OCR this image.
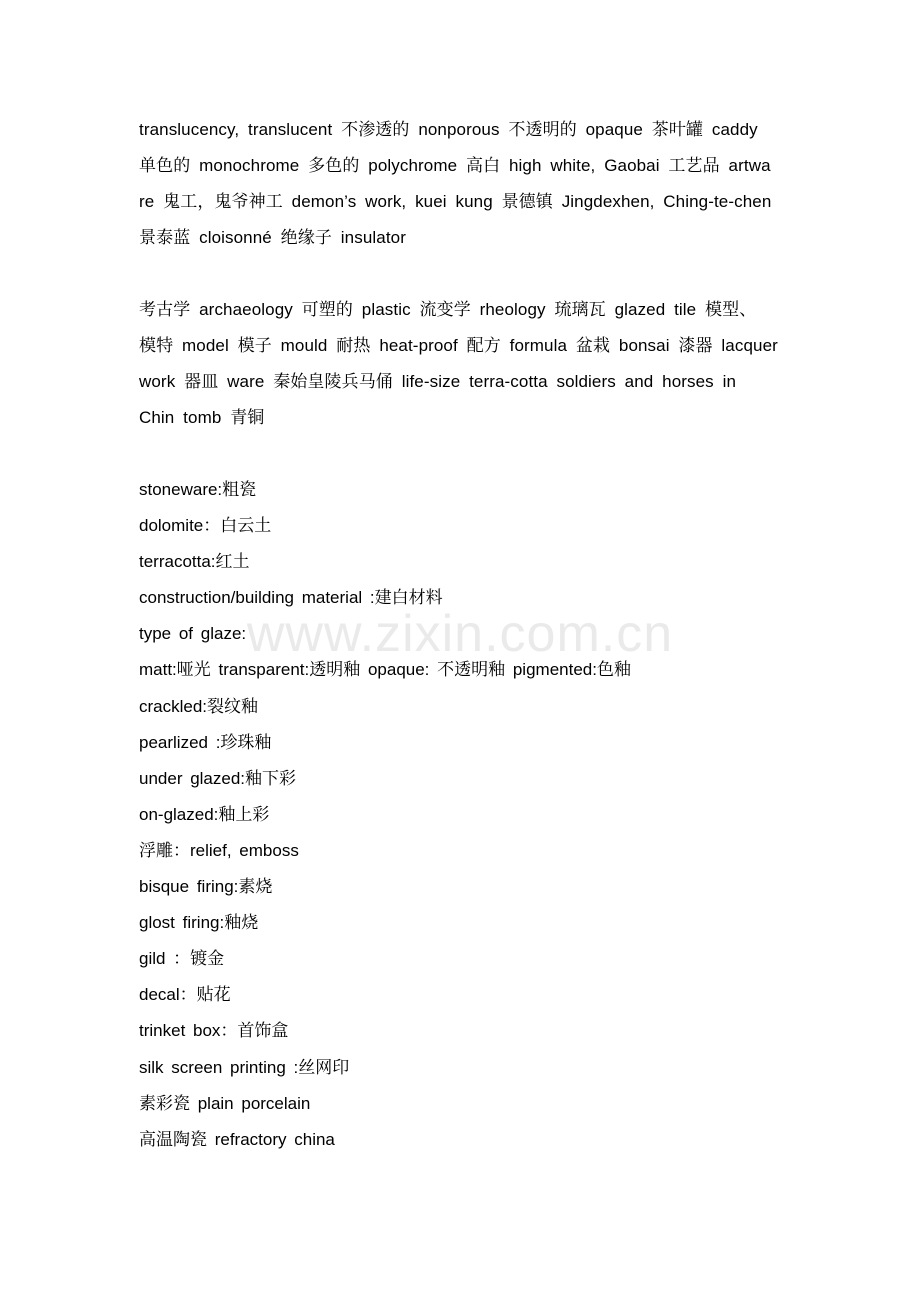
translucency, translucent 不渗透的 nonporous 不透明的 opaque 茶叶罐 caddy

单色的 monochrome 多色的 polychrome 高白 high white, Gaobai 工艺品 artwa

re 鬼工，鬼爷神工 demon’s work, kuei kung 景德镇 Jingdexhen, Ching-te-chen

景泰蓝 cloisonné 绝缘子 insulator

考古学 archaeology 可塑的 plastic 流变学 rheology 琉璃瓦 glazed tile 模型、

模特 model 模子 mould 耐热 heat-proof 配方 formula 盆栽 bonsai 漆器 lacquer

work 器皿 ware 秦始皇陵兵马俑 life-size terra-cotta soldiers and horses in

Chin tomb 青铜

stoneware:粗瓷

dolomite：白云土

terracotta:红土

construction/building material :建白材料

type of glaze:

matt:哑光 transparent:透明釉 opaque: 不透明釉 pigmented:色釉

crackled:裂纹釉

pearlized :珍珠釉

under glazed:釉下彩

on-glazed:釉上彩

浮雕：relief, emboss

bisque firing:素烧

glost firing:釉烧

gild ：镀金

decal：贴花

trinket box：首饰盒

silk screen printing :丝网印

素彩瓷 plain porcelain

高温陶瓷 refractory china

www.zixin.com.cn
